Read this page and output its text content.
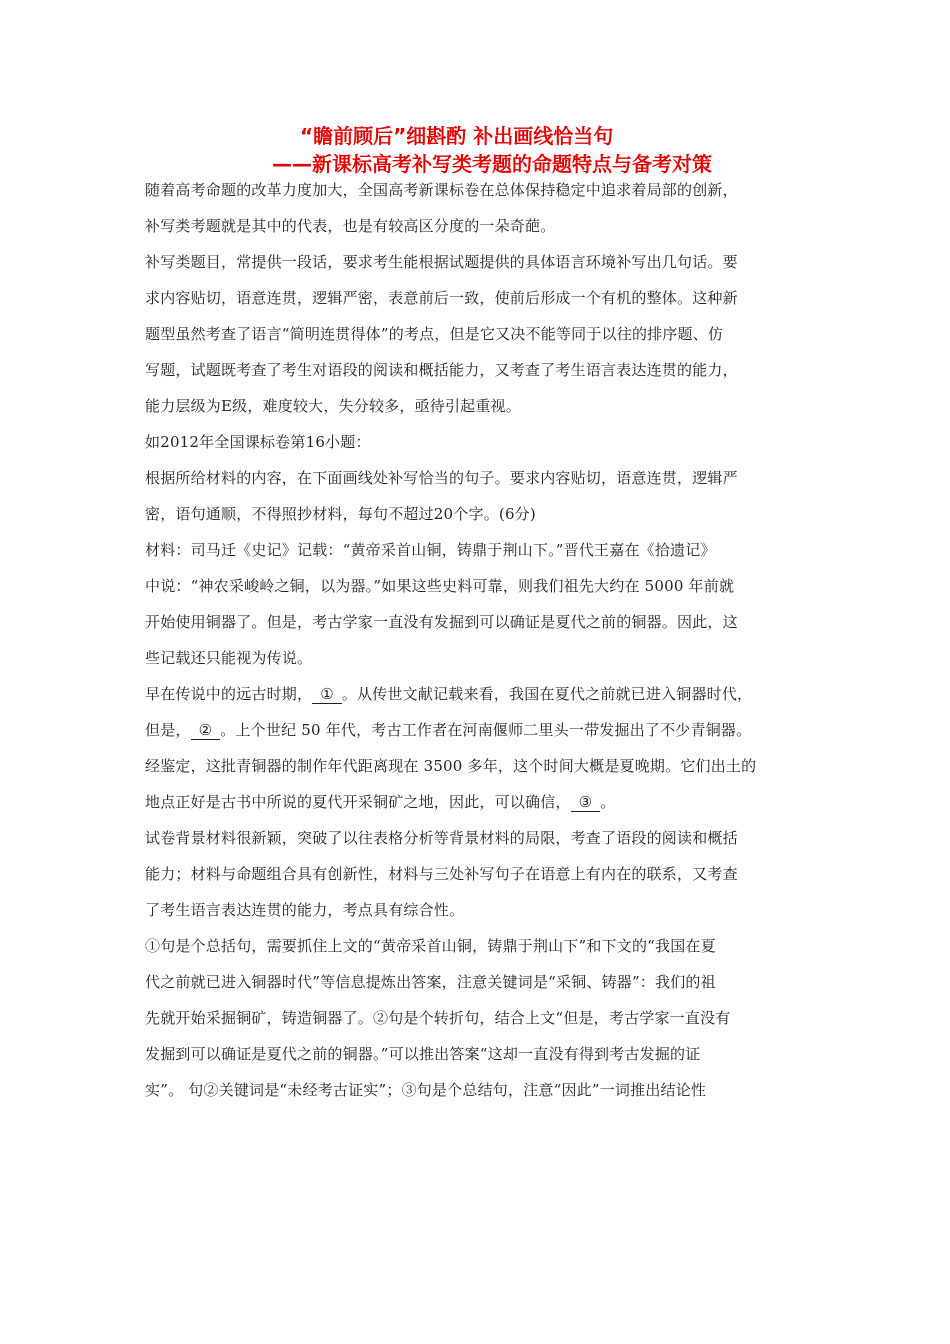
“瞻前顾后”细斟酌 补出画线恰当句
——新课标高考补写类考题的命题特点与备考对策
随着高考命题的改革力度加大，全国高考新课标卷在总体保持稳定中追求着局部的创新，
补写类考题就是其中的代表，也是有较高区分度的一朵奇葩。
补写类题目，常提供一段话，要求考生能根据试题提供的具体语言环境补写出几句话。要
求内容贴切，语意连贯，逻辑严密，表意前后一致，使前后形成一个有机的整体。这种新
题型虽然考查了语言“简明连贯得体”的考点，但是它又决不能等同于以往的排序题、仿
写题，试题既考查了考生对语段的阅读和概括能力，又考查了考生语言表达连贯的能力，
能力层级为E级，难度较大，失分较多，亟待引起重视。
如2012年全国课标卷第16小题：
根据所给材料的内容，在下面画线处补写恰当的句子。要求内容贴切，语意连贯，逻辑严
密，语句通顺，不得照抄材料，每句不超过20个字。(6分)
材料：司马迁《史记》记载：“黄帝采首山铜，铸鼎于荆山下。”晋代王嘉在《拾遗记》
中说：“神农采峻岭之铜，以为器。”如果这些史料可靠，则我们祖先大约在 5000 年前就
开始使用铜器了。但是，考古学家一直没有发掘到可以确证是夏代之前的铜器。因此，这
些记载还只能视为传说。
早在传说中的远古时期， ① 。从传世文献记载来看，我国在夏代之前就已进入铜器时代，
但是， ② 。上个世纪 50 年代，考古工作者在河南偃师二里头一带发掘出了不少青铜器。
经鉴定，这批青铜器的制作年代距离现在 3500 多年，这个时间大概是夏晚期。它们出土的
地点正好是古书中所说的夏代开采铜矿之地，因此，可以确信， ③ 。
试卷背景材料很新颖，突破了以往表格分析等背景材料的局限，考查了语段的阅读和概括
能力；材料与命题组合具有创新性，材料与三处补写句子在语意上有内在的联系，又考查
了考生语言表达连贯的能力，考点具有综合性。
①句是个总括句，需要抓住上文的“黄帝采首山铜，铸鼎于荆山下”和下文的“我国在夏
代之前就已进入铜器时代”等信息提炼出答案，注意关键词是“采铜、铸器”：我们的祖
先就开始采掘铜矿，铸造铜器了。②句是个转折句，结合上文“但是，考古学家一直没有
发掘到可以确证是夏代之前的铜器。”可以推出答案“这却一直没有得到考古发掘的证
实”。 句②关键词是“未经考古证实”；③句是个总结句，注意“因此”一词推出结论性
